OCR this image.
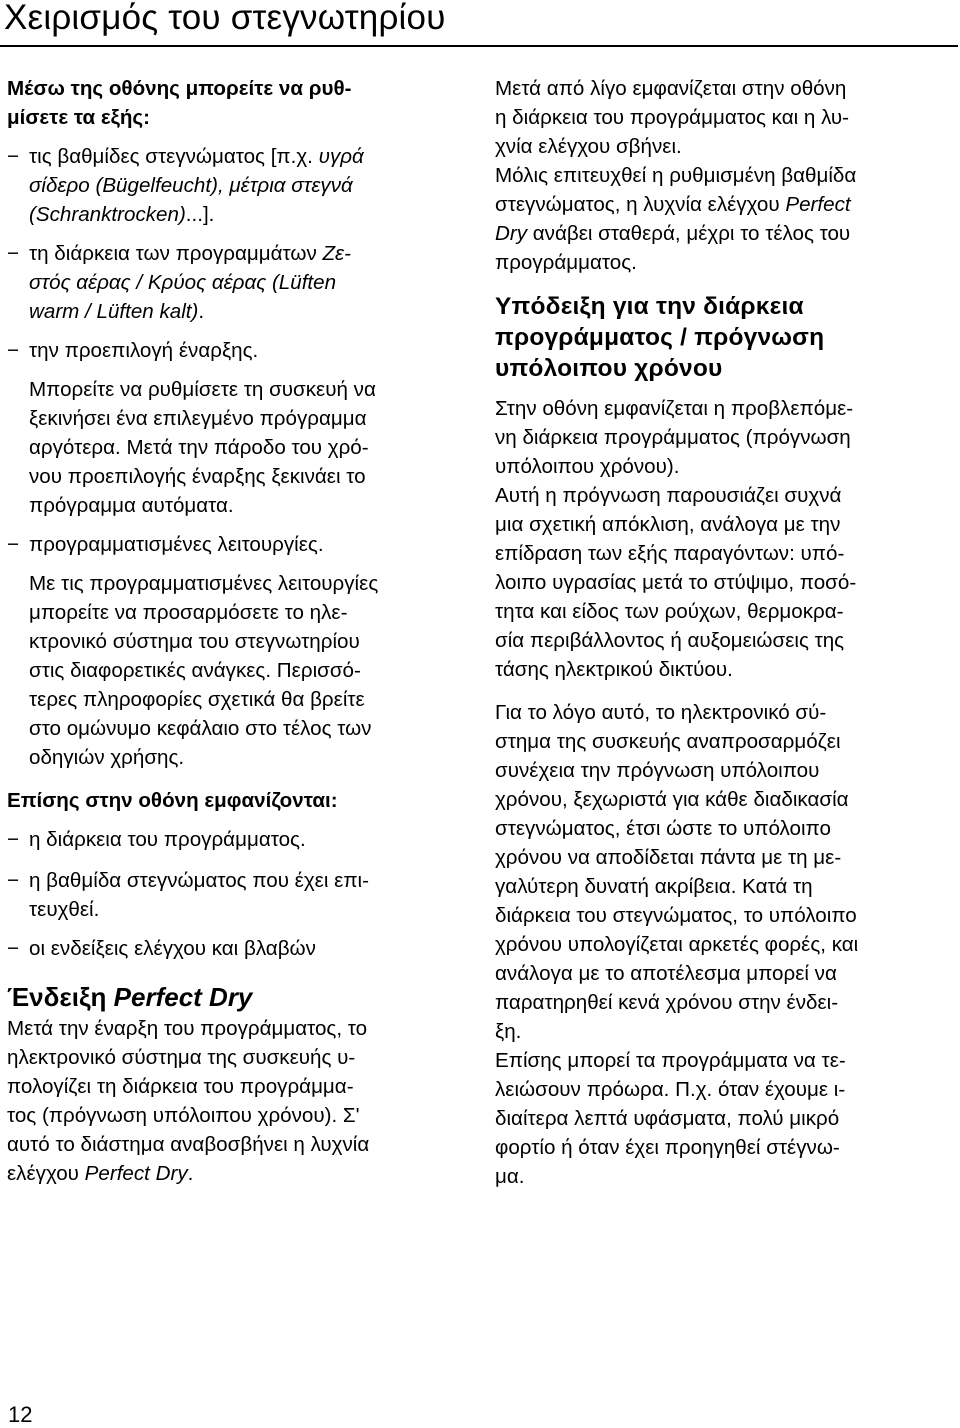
Χειρισμός του στεγνωτηρίου
Μέσω της οθόνης μπορείτε να ρυθ-
μίσετε τα εξής:
− τις βαθμίδες στεγνώματος [π.χ. υγρά
σίδερο (Bügelfeucht), μέτρια στεγνά
(Schranktrocken)...].
− τη διάρκεια των προγραμμάτων Ζε-
στός αέρας / Κρύος αέρας (Lüften
warm / Lüften kalt).
− την προεπιλογή έναρξης.
Μπορείτε να ρυθμίσετε τη συσκευή να
ξεκινήσει ένα επιλεγμένο πρόγραμμα
αργότερα. Μετά την πάροδο του χρό-
νου προεπιλογής έναρξης ξεκινάει το
πρόγραμμα αυτόματα.
− προγραμματισμένες λειτουργίες.
Με τις προγραμματισμένες λειτουργίες
μπορείτε να προσαρμόσετε το ηλε-
κτρονικό σύστημα του στεγνωτηρίου
στις διαφορετικές ανάγκες. Περισσό-
τερες πληροφορίες σχετικά θα βρείτε
στο ομώνυμο κεφάλαιο στο τέλος των
οδηγιών χρήσης.
Επίσης στην οθόνη εμφανίζονται:
− η διάρκεια του προγράμματος.
− η βαθμίδα στεγνώματος που έχει επι-
τευχθεί.
− οι ενδείξεις ελέγχου και βλαβών
Ένδειξη Perfect Dry
Μετά την έναρξη του προγράμματος, το
ηλεκτρονικό σύστημα της συσκευής υ-
πολογίζει τη διάρκεια του προγράμμα-
τος (πρόγνωση υπόλοιπου χρόνου). Σ'
αυτό το διάστημα αναβοσβήνει η λυχνία
ελέγχου Perfect Dry.
Μετά από λίγο εμφανίζεται στην οθόνη
η διάρκεια του προγράμματος και η λυ-
χνία ελέγχου σβήνει.
Μόλις επιτευχθεί η ρυθμισμένη βαθμίδα
στεγνώματος, η λυχνία ελέγχου Perfect
Dry ανάβει σταθερά, μέχρι το τέλος του
προγράμματος.
Υπόδειξη για την διάρκεια
προγράμματος / πρόγνωση
υπόλοιπου χρόνου
Στην οθόνη εμφανίζεται η προβλεπόμε-
νη διάρκεια προγράμματος (πρόγνωση
υπόλοιπου χρόνου).
Αυτή η πρόγνωση παρουσιάζει συχνά
μια σχετική απόκλιση, ανάλογα με την
επίδραση των εξής παραγόντων: υπό-
λοιπο υγρασίας μετά το στύψιμο, ποσό-
τητα και είδος των ρούχων, θερμοκρα-
σία περιβάλλοντος ή αυξομειώσεις της
τάσης ηλεκτρικού δικτύου.
Για το λόγο αυτό, το ηλεκτρονικό σύ-
στημα της συσκευής αναπροσαρμόζει
συνέχεια την πρόγνωση υπόλοιπου
χρόνου, ξεχωριστά για κάθε διαδικασία
στεγνώματος, έτσι ώστε το υπόλοιπο
χρόνου να αποδίδεται πάντα με τη με-
γαλύτερη δυνατή ακρίβεια. Κατά τη
διάρκεια του στεγνώματος, το υπόλοιπο
χρόνου υπολογίζεται αρκετές φορές, και
ανάλογα με το αποτέλεσμα μπορεί να
παρατηρηθεί κενά χρόνου στην ένδει-
ξη.
Επίσης μπορεί τα προγράμματα να τε-
λειώσουν πρόωρα. Π.χ. όταν έχουμε ι-
διαίτερα λεπτά υφάσματα, πολύ μικρό
φορτίο ή όταν έχει προηγηθεί στέγνω-
μα.
12
